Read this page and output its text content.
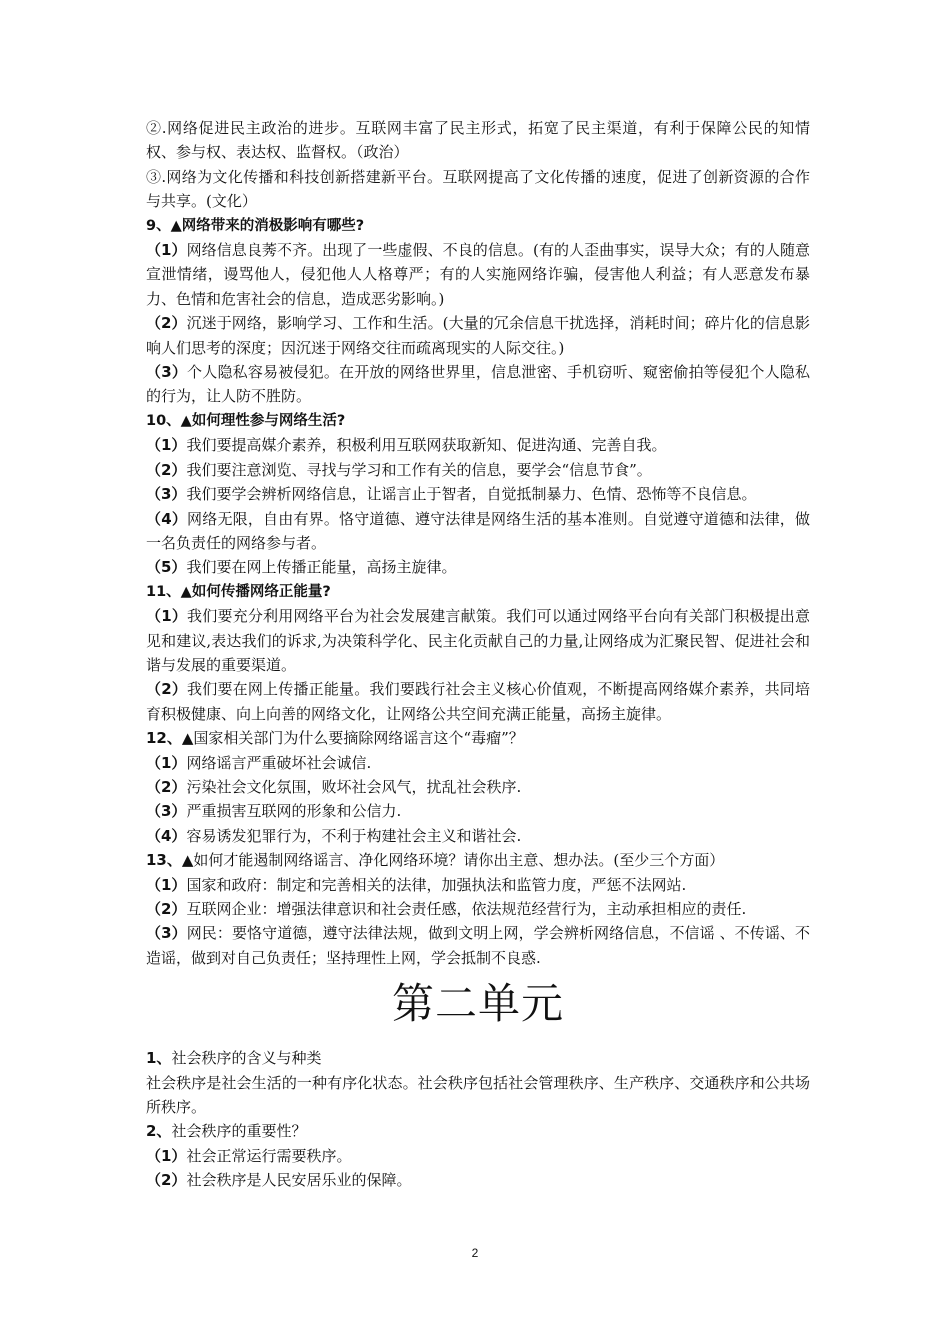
②.网络促进民主政治的进步。互联网丰富了民主形式，拓宽了民主渠道，有利于保障公民的知情权、参与权、表达权、监督权。（政治）

③.网络为文化传播和科技创新搭建新平台。互联网提高了文化传播的速度，促进了创新资源的合作与共享。(文化）

9、▲网络带来的消极影响有哪些?

（1）网络信息良莠不齐。出现了一些虚假、不良的信息。(有的人歪曲事实，误导大众；有的人随意宣泄情绪，谩骂他人，侵犯他人人格尊严；有的人实施网络诈骗，侵害他人利益；有人恶意发布暴力、色情和危害社会的信息，造成恶劣影响。)

（2）沉迷于网络，影响学习、工作和生活。(大量的冗余信息干扰选择，消耗时间；碎片化的信息影响人们思考的深度；因沉迷于网络交往而疏离现实的人际交往。)

（3）个人隐私容易被侵犯。在开放的网络世界里，信息泄密、手机窃听、窥密偷拍等侵犯个人隐私的行为，让人防不胜防。

10、▲如何理性参与网络生活?

（1）我们要提高媒介素养，积极利用互联网获取新知、促进沟通、完善自我。

（2）我们要注意浏览、寻找与学习和工作有关的信息，要学会“信息节食”。

（3）我们要学会辨析网络信息，让谣言止于智者，自觉抵制暴力、色情、恐怖等不良信息。

（4）网络无限，自由有界。恪守道德、遵守法律是网络生活的基本准则。自觉遵守道德和法律，做一名负责任的网络参与者。

（5）我们要在网上传播正能量，高扬主旋律。

11、▲如何传播网络正能量?

（1）我们要充分利用网络平台为社会发展建言献策。我们可以通过网络平台向有关部门积极提出意见和建议,表达我们的诉求,为决策科学化、民主化贡献自己的力量,让网络成为汇聚民智、促进社会和谐与发展的重要渠道。

（2）我们要在网上传播正能量。我们要践行社会主义核心价值观，不断提高网络媒介素养，共同培育积极健康、向上向善的网络文化，让网络公共空间充满正能量，高扬主旋律。

12、▲国家相关部门为什么要摘除网络谣言这个“毒瘤”？

（1）网络谣言严重破坏社会诚信.

（2）污染社会文化氛围，败坏社会风气，扰乱社会秩序.

（3）严重损害互联网的形象和公信力.

（4）容易诱发犯罪行为，不利于构建社会主义和谐社会.

13、▲如何才能遏制网络谣言、净化网络环境？请你出主意、想办法。(至少三个方面）

（1）国家和政府：制定和完善相关的法律，加强执法和监管力度，严惩不法网站.

（2）互联网企业：增强法律意识和社会责任感，依法规范经营行为，主动承担相应的责任.

（3）网民：要恪守道德，遵守法律法规，做到文明上网，学会辨析网络信息，不信谣 、不传谣、不造谣，做到对自己负责任；坚持理性上网，学会抵制不良惑.

第二单元

1、社会秩序的含义与种类

社会秩序是社会生活的一种有序化状态。社会秩序包括社会管理秩序、生产秩序、交通秩序和公共场所秩序。

2、社会秩序的重要性？

（1）社会正常运行需要秩序。

（2）社会秩序是人民安居乐业的保障。

2
